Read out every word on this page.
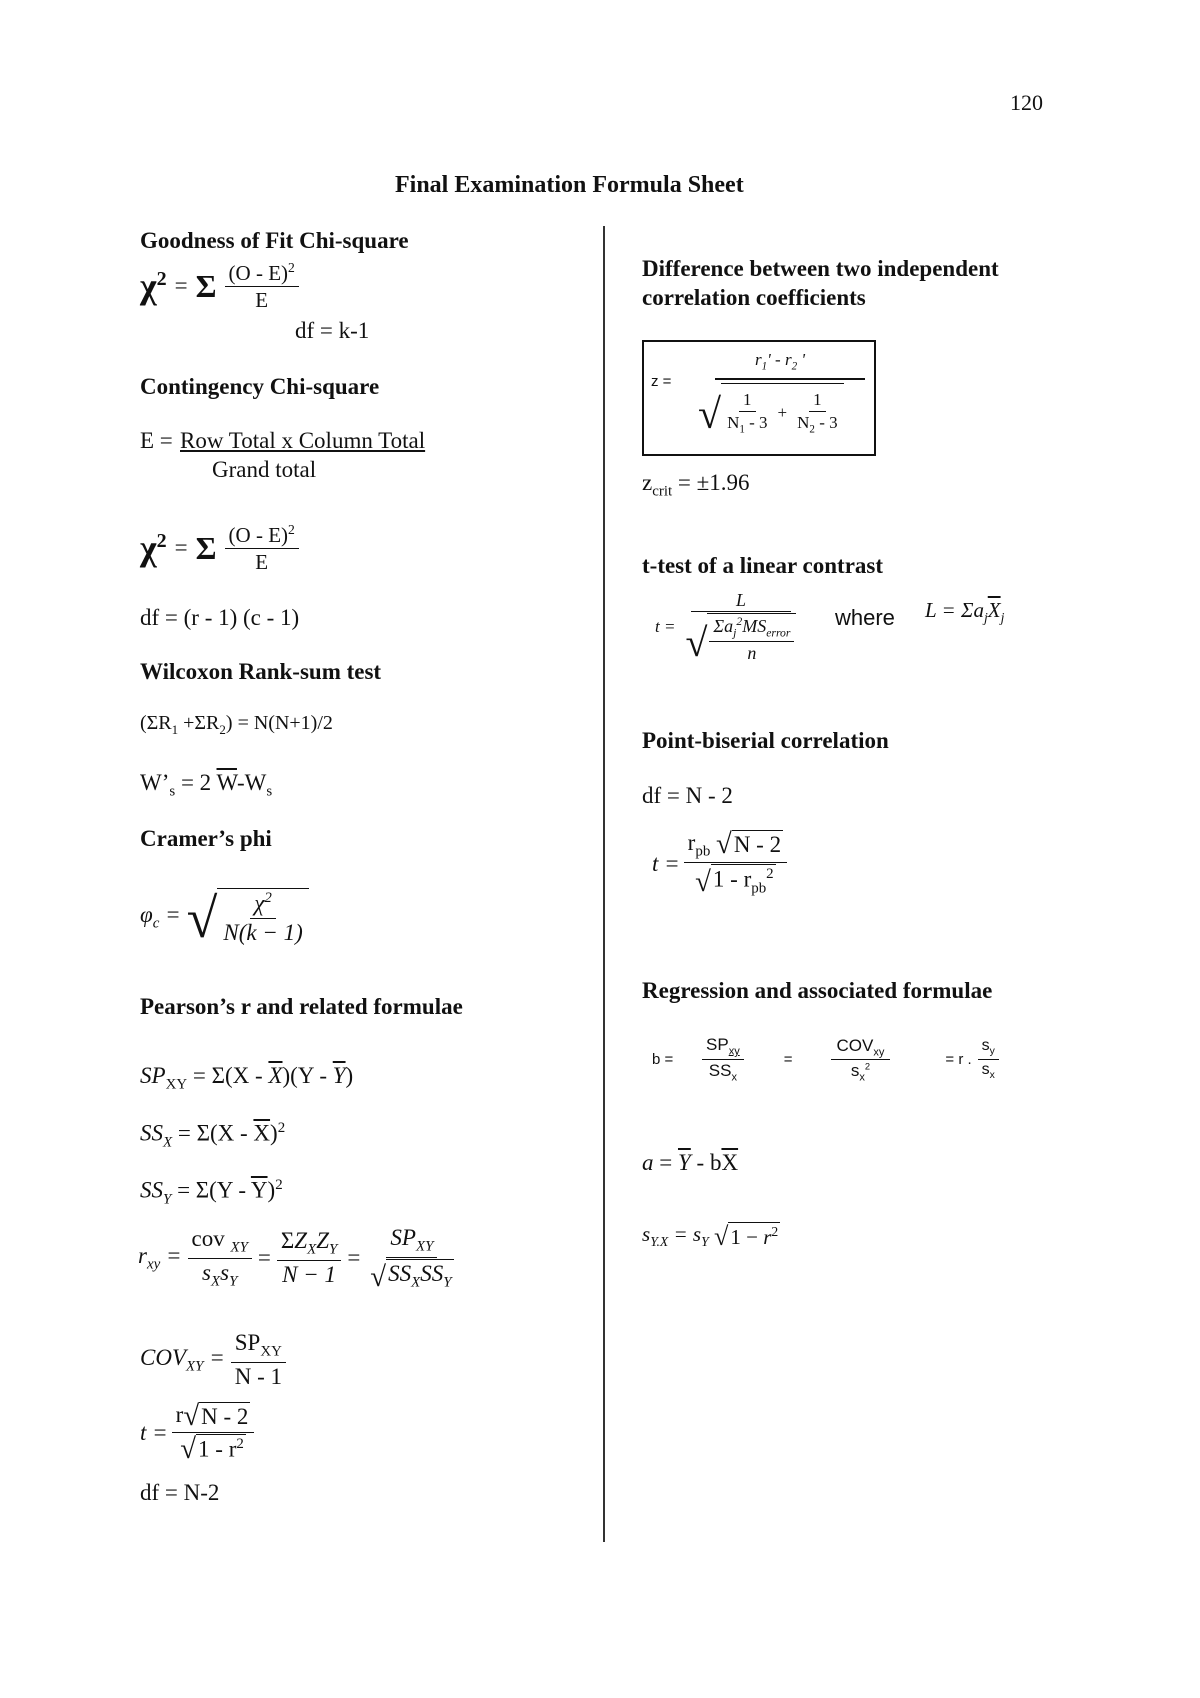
120
Final Examination Formula Sheet
Goodness of Fit Chi-square
$\chi^2 = \Sigma \frac{(O - E)^2}{E}$
df = k-1
Contingency Chi-square
E = Row Total x Column Total
Grand total
$\chi^2 = \Sigma \frac{(O - E)^2}{E}$
df = (r - 1) (c - 1)
Wilcoxon Rank-sum test
$(\Sigma R_1 +\Sigma R_2) = N(N+1)/2$
$W’_s = 2$ $\overline{W}-W_s$
Cramer’s phi
$\varphi_c$ = √ $\frac{\chi^2}{N(k - 1)}$
Pearson’s r and related formulae
$SP_{XY} = \Sigma(X - \overline{X})(Y - \overline{Y})$
$SS_X = \Sigma(X - \overline{X})^2$
$SS_Y = \Sigma(Y - \overline{Y})^2$
$r_{xy} = \frac{cov _{XY}}{s_Xs_Y} = \frac{\Sigma Z_XZ_Y}{N - 1} = \frac{SP_{XY}}{√ SS_XSS_Y}$
$COV_{XY} = \frac{SP_{XY}}{N - 1}$
$t = \frac{r √ N - 2}{√ 1 - r^2}$
df = N-2
Difference between two independent
correlation coefficients
z =
$r_1' - r_2$ '
√ $\frac{1}{N_1 - 3} + \frac{1}{N_2 - 3}$
$z_{crit} = \pm 1.96$
t-test of a linear contrast
$t = \frac{L}{√ \frac{\Sigma a_j^2MS_{error}}{n}}$ where $L = \Sigma a_j\overline{X}_j$
Point-biserial correlation
df = N - 2
$t = \frac{r_{pb} √ N - 2}{√ 1 - r_{pb}^2}$
Regression and associated formulae
b =	$\frac{SP_{xy}}{SS_x}$	= $\frac{COV_{xy}}{s_x^2}$	= r . $\frac{s_y}{s_x}$
$a = \overline{Y} - b\overline{X}$
$s_{Y.X} = s_Y$ √ $1 - r^2$
